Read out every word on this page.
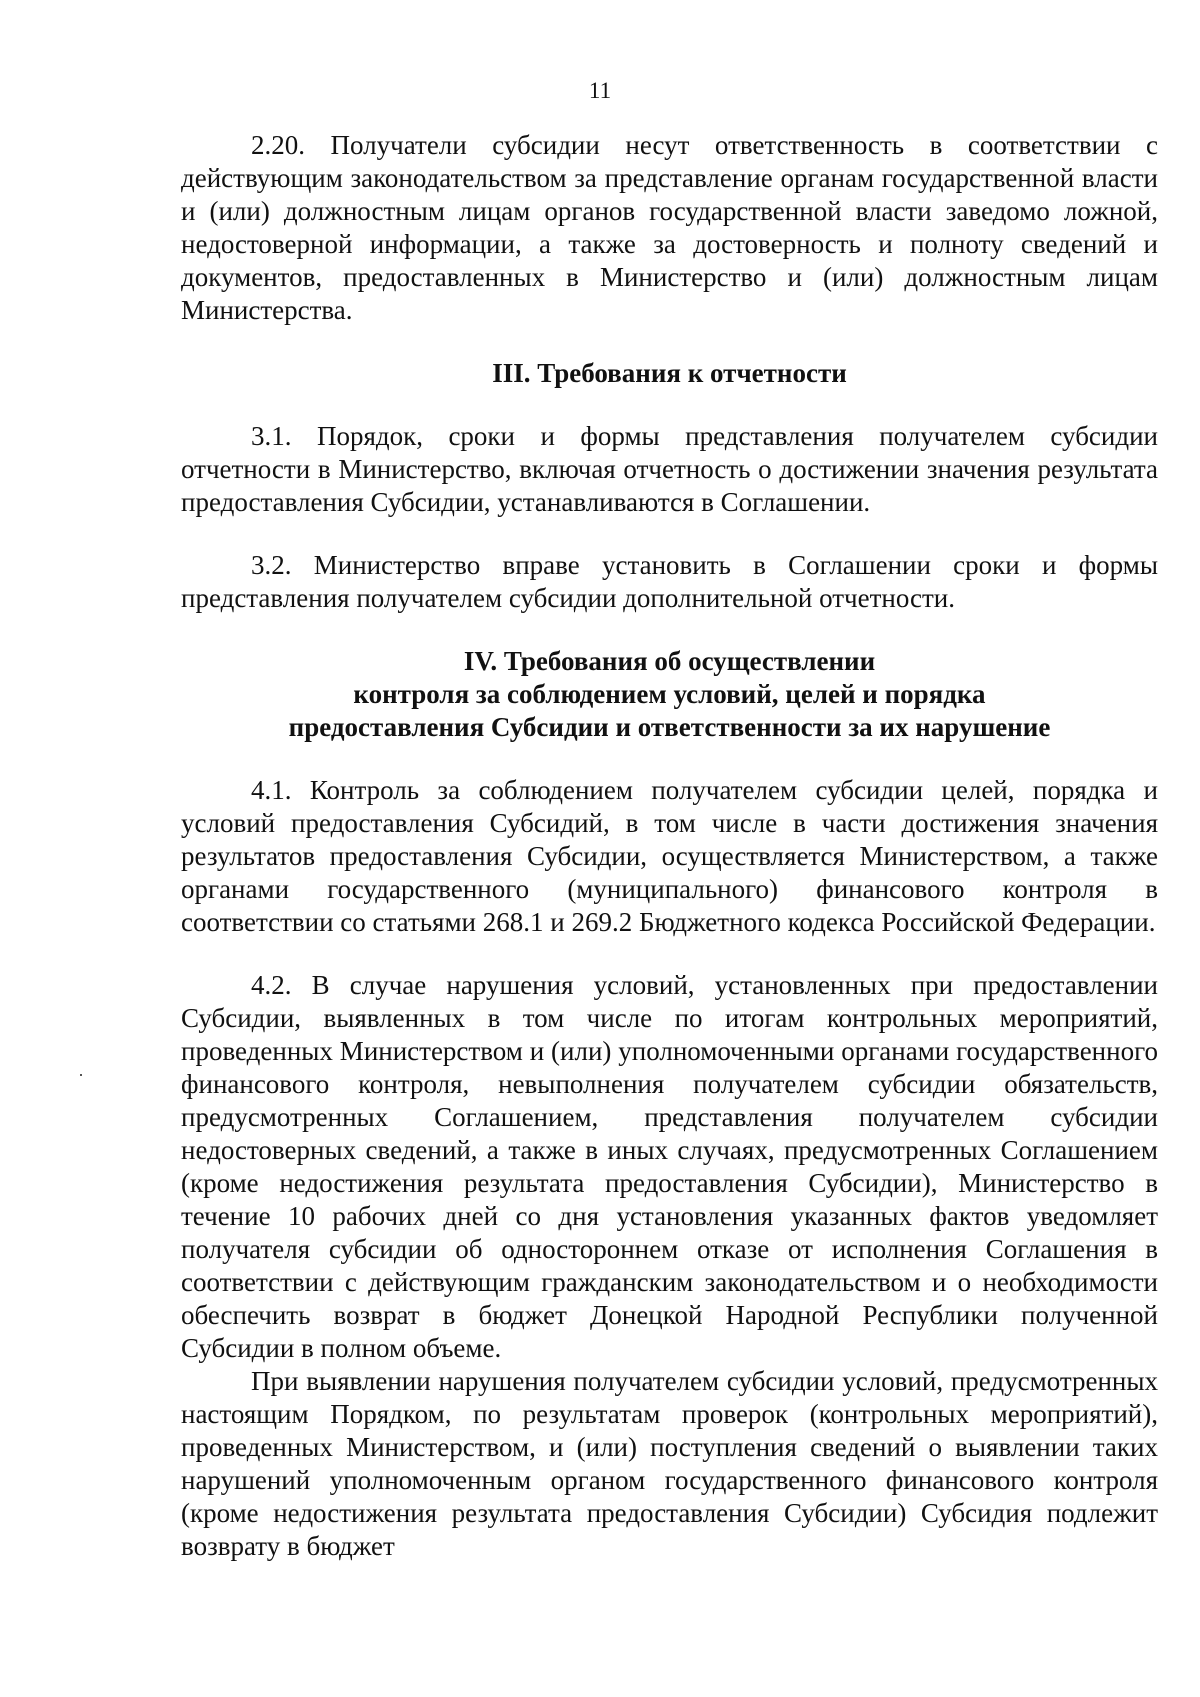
11

2.20. Получатели субсидии несут ответственность в соответствии с действующим законодательством за представление органам государственной власти и (или) должностным лицам органов государственной власти заведомо ложной, недостоверной информации, а также за достоверность и полноту сведений и документов, предоставленных в Министерство и (или) должностным лицам Министерства.

III. Требования к отчетности

3.1. Порядок, сроки и формы представления получателем субсидии отчетности в Министерство, включая отчетность о достижении значения результата предоставления Субсидии, устанавливаются в Соглашении.

3.2. Министерство вправе установить в Соглашении сроки и формы представления получателем субсидии дополнительной отчетности.

IV. Требования об осуществлении
контроля за соблюдением условий, целей и порядка
предоставления Субсидии и ответственности за их нарушение

4.1. Контроль за соблюдением получателем субсидии целей, порядка и условий предоставления Субсидий, в том числе в части достижения значения результатов предоставления Субсидии, осуществляется Министерством, а также органами государственного (муниципального) финансового контроля в соответствии со статьями 268.1 и 269.2 Бюджетного кодекса Российской Федерации.

4.2. В случае нарушения условий, установленных при предоставлении Субсидии, выявленных в том числе по итогам контрольных мероприятий, проведенных Министерством и (или) уполномоченными органами государственного финансового контроля, невыполнения получателем субсидии обязательств, предусмотренных Соглашением, представления получателем субсидии недостоверных сведений, а также в иных случаях, предусмотренных Соглашением (кроме недостижения результата предоставления Субсидии), Министерство в течение 10 рабочих дней со дня установления указанных фактов уведомляет получателя субсидии об одностороннем отказе от исполнения Соглашения в соответствии с действующим гражданским законодательством и о необходимости обеспечить возврат в бюджет Донецкой Народной Республики полученной Субсидии в полном объеме.

При выявлении нарушения получателем субсидии условий, предусмотренных настоящим Порядком, по результатам проверок (контрольных мероприятий), проведенных Министерством, и (или) поступления сведений о выявлении таких нарушений уполномоченным органом государственного финансового контроля (кроме недостижения результата предоставления Субсидии) Субсидия подлежит возврату в бюджет
